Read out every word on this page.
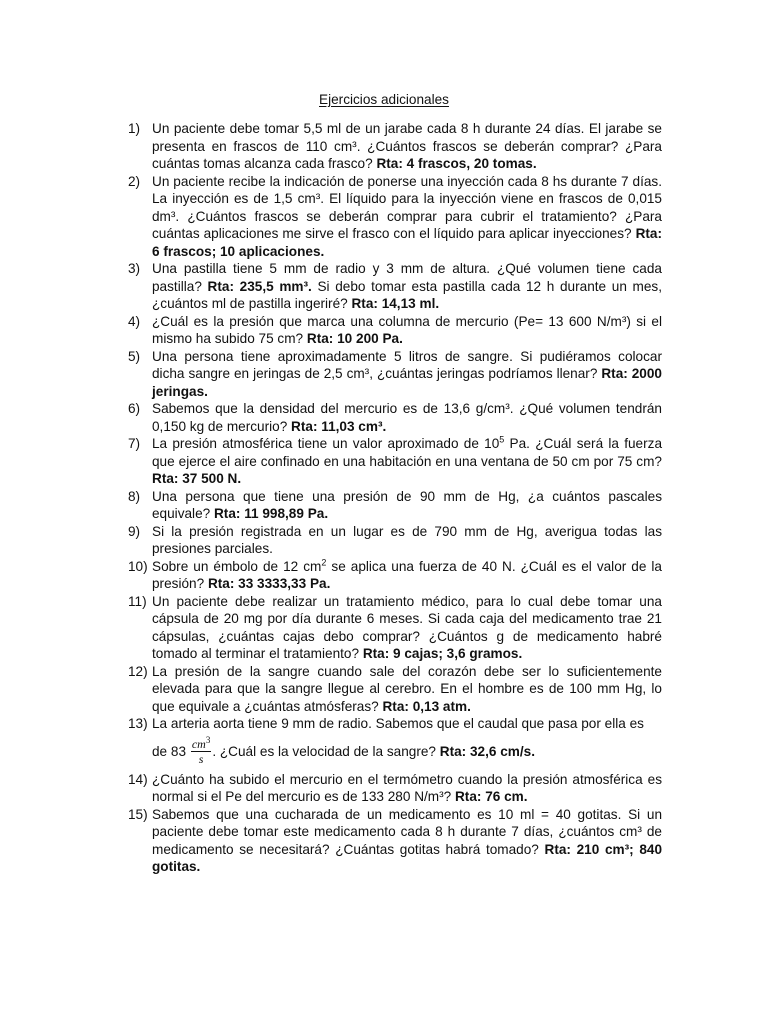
Ejercicios adicionales

1) Un paciente debe tomar 5,5 ml de un jarabe cada 8 h durante 24 días. El jarabe se presenta en frascos de 110 cm³. ¿Cuántos frascos se deberán comprar? ¿Para cuántas tomas alcanza cada frasco? Rta: 4 frascos, 20 tomas.

2) Un paciente recibe la indicación de ponerse una inyección cada 8 hs durante 7 días. La inyección es de 1,5 cm³. El líquido para la inyección viene en frascos de 0,015 dm³. ¿Cuántos frascos se deberán comprar para cubrir el tratamiento? ¿Para cuántas aplicaciones me sirve el frasco con el líquido para aplicar inyecciones? Rta: 6 frascos; 10 aplicaciones.

3) Una pastilla tiene 5 mm de radio y 3 mm de altura. ¿Qué volumen tiene cada pastilla? Rta: 235,5 mm³. Si debo tomar esta pastilla cada 12 h durante un mes, ¿cuántos ml de pastilla ingeriré? Rta: 14,13 ml.

4) ¿Cuál es la presión que marca una columna de mercurio (Pe= 13 600 N/m³) si el mismo ha subido 75 cm? Rta: 10 200 Pa.

5) Una persona tiene aproximadamente 5 litros de sangre. Si pudiéramos colocar dicha sangre en jeringas de 2,5 cm³, ¿cuántas jeringas podríamos llenar? Rta: 2000 jeringas.

6) Sabemos que la densidad del mercurio es de 13,6 g/cm³. ¿Qué volumen tendrán 0,150 kg de mercurio? Rta: 11,03 cm³.

7) La presión atmosférica tiene un valor aproximado de $10^5$ Pa. ¿Cuál será la fuerza que ejerce el aire confinado en una habitación en una ventana de 50 cm por 75 cm? Rta: 37 500 N.

8) Una persona que tiene una presión de 90 mm de Hg, ¿a cuántos pascales equivale? Rta: 11 998,89 Pa.

9) Si la presión registrada en un lugar es de 790 mm de Hg, averigua todas las presiones parciales.

10) Sobre un émbolo de 12 $cm^2$ se aplica una fuerza de 40 N. ¿Cuál es el valor de la presión? Rta: 33 3333,33 Pa.

11) Un paciente debe realizar un tratamiento médico, para lo cual debe tomar una cápsula de 20 mg por día durante 6 meses. Si cada caja del medicamento trae 21 cápsulas, ¿cuántas cajas debo comprar? ¿Cuántos g de medicamento habré tomado al terminar el tratamiento? Rta: 9 cajas; 3,6 gramos.

12) La presión de la sangre cuando sale del corazón debe ser lo suficientemente elevada para que la sangre llegue al cerebro. En el hombre es de 100 mm Hg, lo que equivale a ¿cuántas atmósferas? Rta: 0,13 atm.

13) La arteria aorta tiene 9 mm de radio. Sabemos que el caudal que pasa por ella es
de $83 \frac{cm^3}{s}$ . ¿Cuál es la velocidad de la sangre? Rta: 32,6 cm/s.

14) ¿Cuánto ha subido el mercurio en el termómetro cuando la presión atmosférica es normal si el Pe del mercurio es de 133 280 N/m³? Rta: 76 cm.

15) Sabemos que una cucharada de un medicamento es 10 ml = 40 gotitas. Si un paciente debe tomar este medicamento cada 8 h durante 7 días, ¿cuántos cm³ de medicamento se necesitará? ¿Cuántas gotitas habrá tomado? Rta: 210 cm³; 840 gotitas.
